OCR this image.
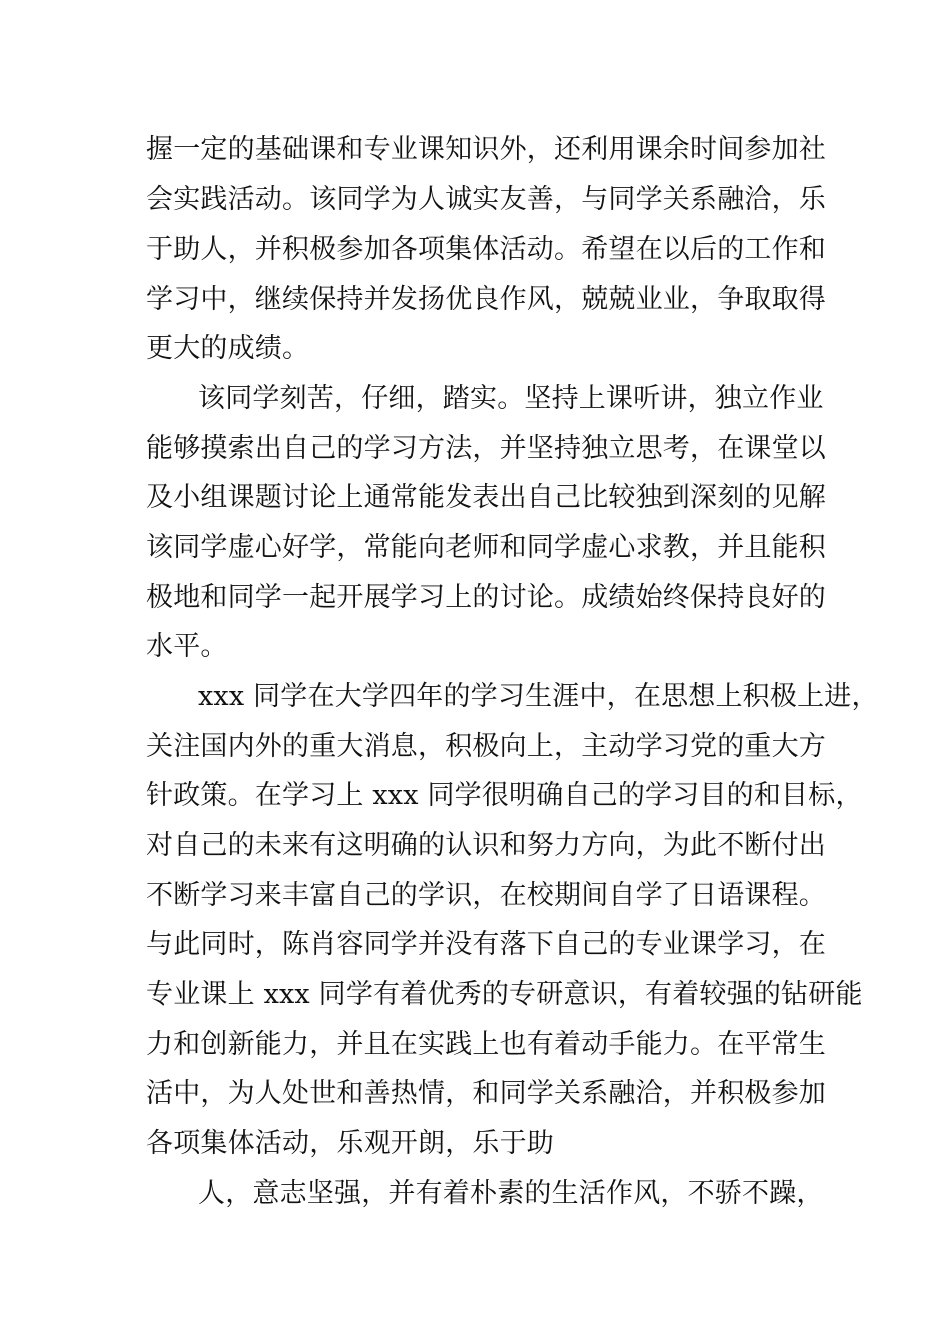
握一定的基础课和专业课知识外，还利用课余时间参加社
会实践活动。该同学为人诚实友善，与同学关系融洽，乐
于助人，并积极参加各项集体活动。希望在以后的工作和
学习中，继续保持并发扬优良作风，兢兢业业，争取取得
更大的成绩。
该同学刻苦，仔细，踏实。坚持上课听讲，独立作业
能够摸索出自己的学习方法，并坚持独立思考，在课堂以
及小组课题讨论上通常能发表出自己比较独到深刻的见解
该同学虚心好学，常能向老师和同学虚心求教，并且能积
极地和同学一起开展学习上的讨论。成绩始终保持良好的
水平。
xxx 同学在大学四年的学习生涯中，在思想上积极上进，
关注国内外的重大消息，积极向上，主动学习党的重大方
针政策。在学习上 xxx 同学很明确自己的学习目的和目标，
对自己的未来有这明确的认识和努力方向，为此不断付出
不断学习来丰富自己的学识，在校期间自学了日语课程。
与此同时，陈肖容同学并没有落下自己的专业课学习，在
专业课上 xxx 同学有着优秀的专研意识，有着较强的钻研能
力和创新能力，并且在实践上也有着动手能力。在平常生
活中，为人处世和善热情，和同学关系融洽，并积极参加
各项集体活动，乐观开朗，乐于助
人，意志坚强，并有着朴素的生活作风，不骄不躁，
